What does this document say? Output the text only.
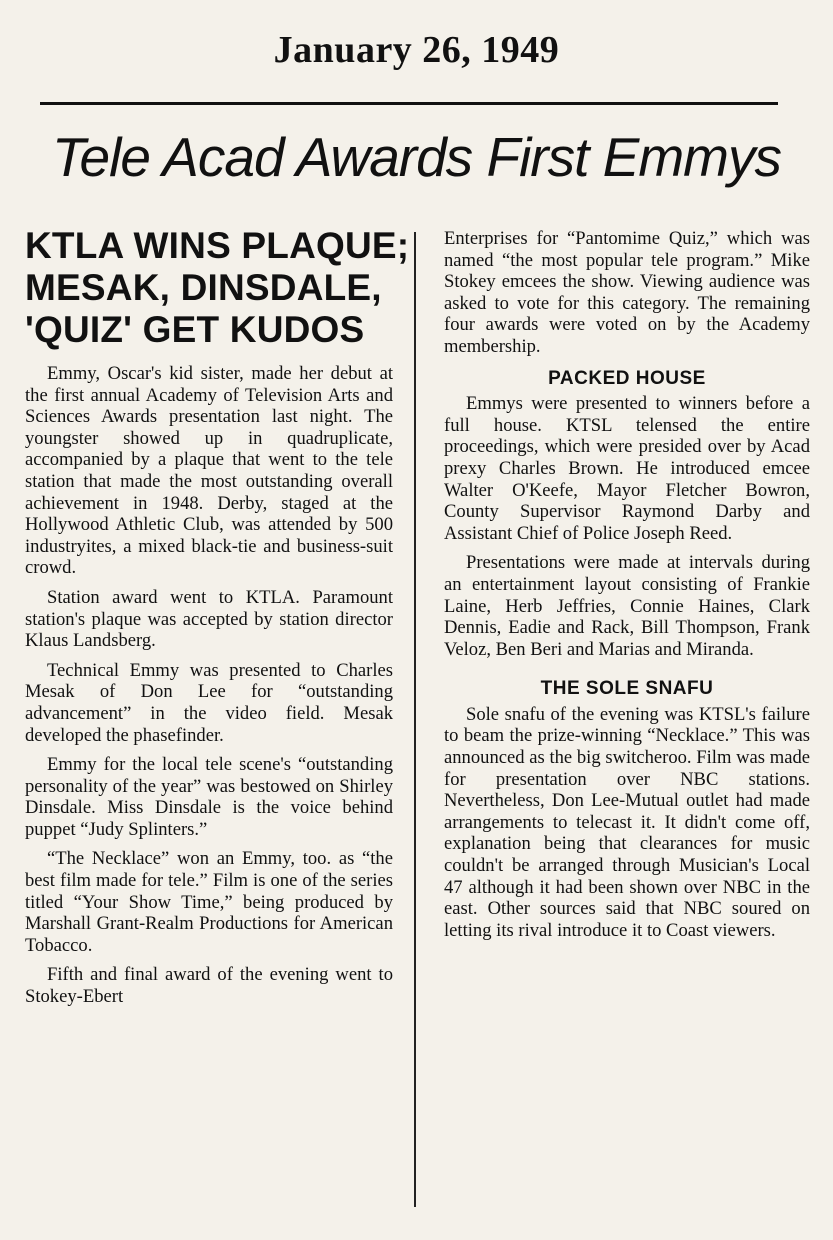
January 26, 1949
Tele Acad Awards First Emmys
KTLA WINS PLAQUE;
MESAK, DINSDALE,
'QUIZ' GET KUDOS

Emmy, Oscar's kid sister, made her debut at the first annual Academy of Television Arts and Sciences Awards presentation last night. The youngster showed up in quadruplicate, accompanied by a plaque that went to the tele station that made the most outstanding overall achievement in 1948. Derby, staged at the Hollywood Athletic Club, was attended by 500 industryites, a mixed black-tie and business-suit crowd.

Station award went to KTLA. Paramount station's plaque was accepted by station director Klaus Landsberg.

Technical Emmy was presented to Charles Mesak of Don Lee for “outstanding advancement” in the video field. Mesak developed the phasefinder.

Emmy for the local tele scene's “outstanding personality of the year” was bestowed on Shirley Dinsdale. Miss Dinsdale is the voice behind puppet “Judy Splinters.”

“The Necklace” won an Emmy, too. as “the best film made for tele.” Film is one of the series titled “Your Show Time,” being produced by Marshall Grant-Realm Productions for American Tobacco.

Fifth and final award of the evening went to Stokey-Ebert

Enterprises for “Pantomime Quiz,” which was named “the most popular tele program.” Mike Stokey emcees the show. Viewing audience was asked to vote for this category. The remaining four awards were voted on by the Academy membership.

PACKED HOUSE

Emmys were presented to winners before a full house. KTSL telensed the entire proceedings, which were presided over by Acad prexy Charles Brown. He introduced emcee Walter O'Keefe, Mayor Fletcher Bowron, County Supervisor Raymond Darby and Assistant Chief of Police Joseph Reed.

Presentations were made at intervals during an entertainment layout consisting of Frankie Laine, Herb Jeffries, Connie Haines, Clark Dennis, Eadie and Rack, Bill Thompson, Frank Veloz, Ben Beri and Marias and Miranda.

THE SOLE SNAFU

Sole snafu of the evening was KTSL's failure to beam the prize-winning “Necklace.” This was announced as the big switcheroo. Film was made for presentation over NBC stations. Nevertheless, Don Lee-Mutual outlet had made arrangements to telecast it. It didn't come off, explanation being that clearances for music couldn't be arranged through Musician's Local 47 although it had been shown over NBC in the east. Other sources said that NBC soured on letting its rival introduce it to Coast viewers.
